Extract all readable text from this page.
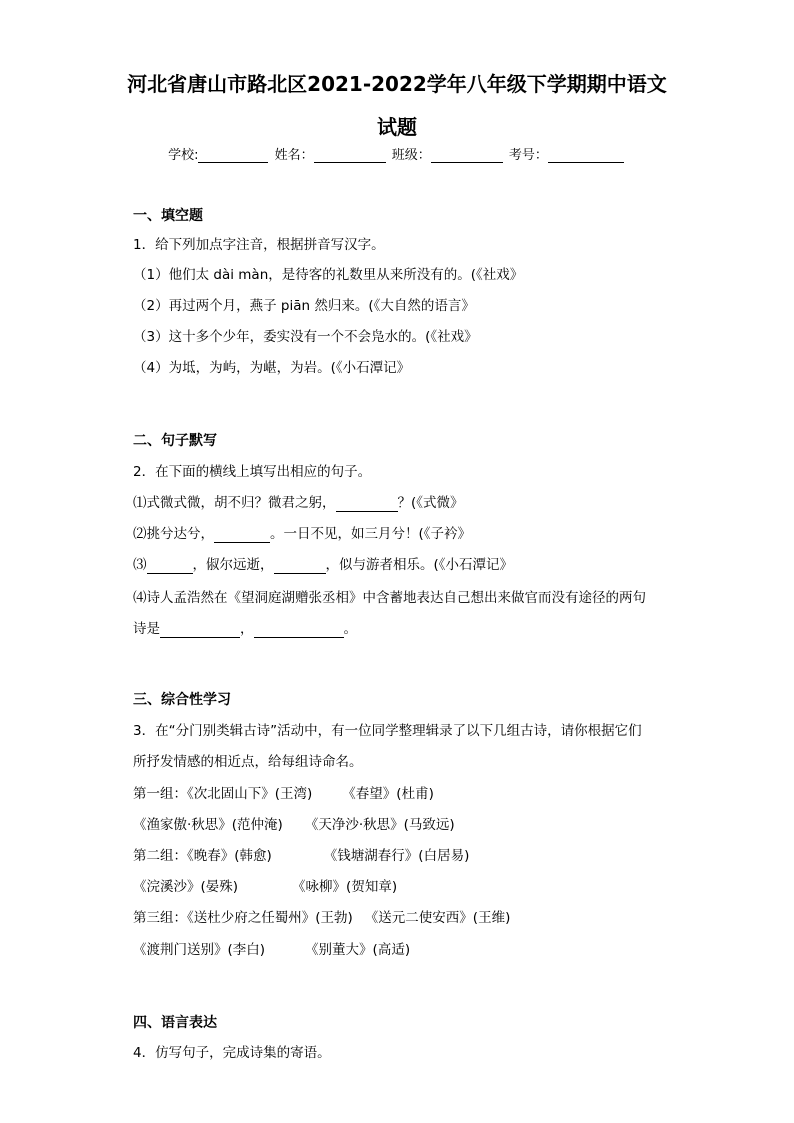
河北省唐山市路北区2021-2022学年八年级下学期期中语文
试题
学校:	姓名：	班级：	考号：
一、填空题
1．给下列加点字注音，根据拼音写汉字。
（1）他们太 dài màn，是待客的礼数里从来所没有的。(《社戏》
（2）再过两个月，燕子 piān 然归来。(《大自然的语言》
（3）这十多个少年，委实没有一个不会凫水的。(《社戏》
（4）为坻，为屿，为嵁，为岩。(《小石潭记》
二、句子默写
2．在下面的横线上填写出相应的句子。
⑴式微式微，胡不归？微君之躬，	？(《式微》
⑵挑兮达兮，	。一日不见，如三月兮！(《子衿》
⑶	，俶尔远逝，	，似与游者相乐。(《小石潭记》
⑷诗人孟浩然在《望洞庭湖赠张丞相》中含蓄地表达自己想出来做官而没有途径的两句
诗是	，	。
三、综合性学习
3．在“分门别类辑古诗”活动中，有一位同学整理辑录了以下几组古诗，请你根据它们
所抒发情感的相近点，给每组诗命名。
第一组：《次北固山下》(王湾) 《春望》(杜甫)
《渔家傲·秋思》(范仲淹) 《天净沙·秋思》(马致远)
第二组：《晚春》(韩愈)	《钱塘湖春行》(白居易)
《浣溪沙》(晏殊)	《咏柳》(贺知章)
第三组：《送杜少府之任蜀州》(王勃) 《送元二使安西》(王维)
《渡荆门送别》(李白)	《别董大》(高适)
四、语言表达
4．仿写句子，完成诗集的寄语。
